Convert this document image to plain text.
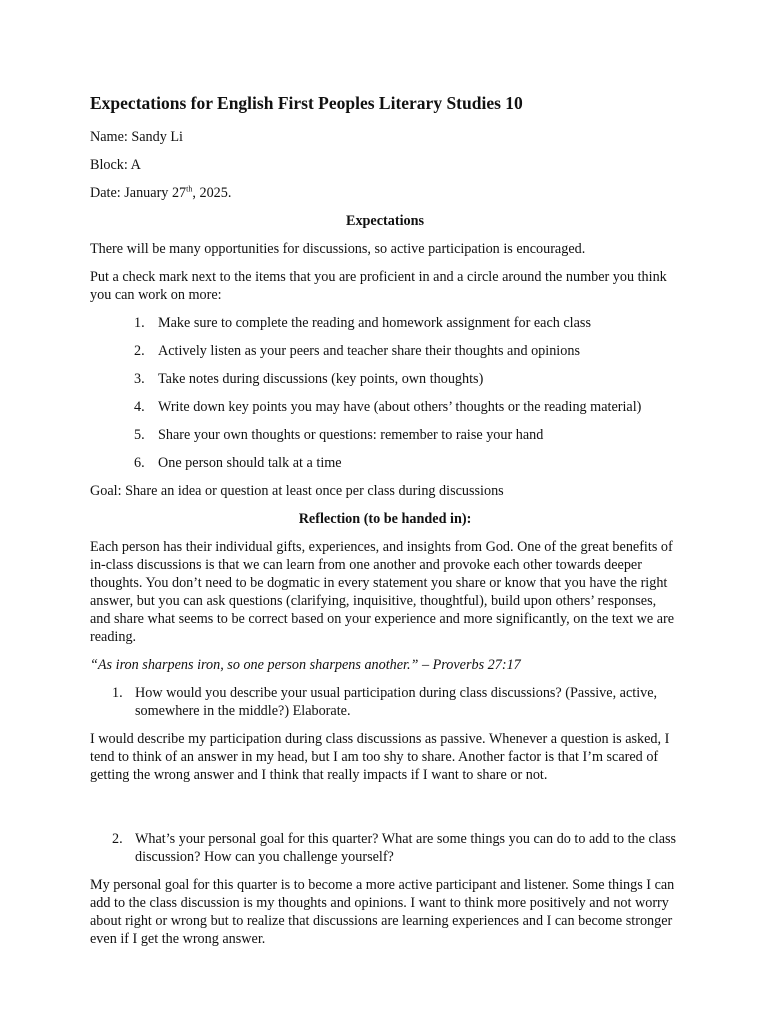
Expectations for English First Peoples Literary Studies 10

Name: Sandy Li

Block: A

Date: January 27th, 2025.

Expectations

There will be many opportunities for discussions, so active participation is encouraged.

Put a check mark next to the items that you are proficient in and a circle around the number you think you can work on more:

1. Make sure to complete the reading and homework assignment for each class
2. Actively listen as your peers and teacher share their thoughts and opinions
3. Take notes during discussions (key points, own thoughts)
4. Write down key points you may have (about others’ thoughts or the reading material)
5. Share your own thoughts or questions: remember to raise your hand
6. One person should talk at a time

Goal: Share an idea or question at least once per class during discussions

Reflection (to be handed in):

Each person has their individual gifts, experiences, and insights from God. One of the great benefits of in-class discussions is that we can learn from one another and provoke each other towards deeper thoughts. You don’t need to be dogmatic in every statement you share or know that you have the right answer, but you can ask questions (clarifying, inquisitive, thoughtful), build upon others’ responses, and share what seems to be correct based on your experience and more significantly, on the text we are reading.

“As iron sharpens iron, so one person sharpens another.” – Proverbs 27:17

1. How would you describe your usual participation during class discussions? (Passive, active, somewhere in the middle?) Elaborate.

I would describe my participation during class discussions as passive. Whenever a question is asked, I tend to think of an answer in my head, but I am too shy to share. Another factor is that I’m scared of getting the wrong answer and I think that really impacts if I want to share or not.

2. What’s your personal goal for this quarter? What are some things you can do to add to the class discussion? How can you challenge yourself?

My personal goal for this quarter is to become a more active participant and listener. Some things I can add to the class discussion is my thoughts and opinions. I want to think more positively and not worry about right or wrong but to realize that discussions are learning experiences and I can become stronger even if I get the wrong answer.
